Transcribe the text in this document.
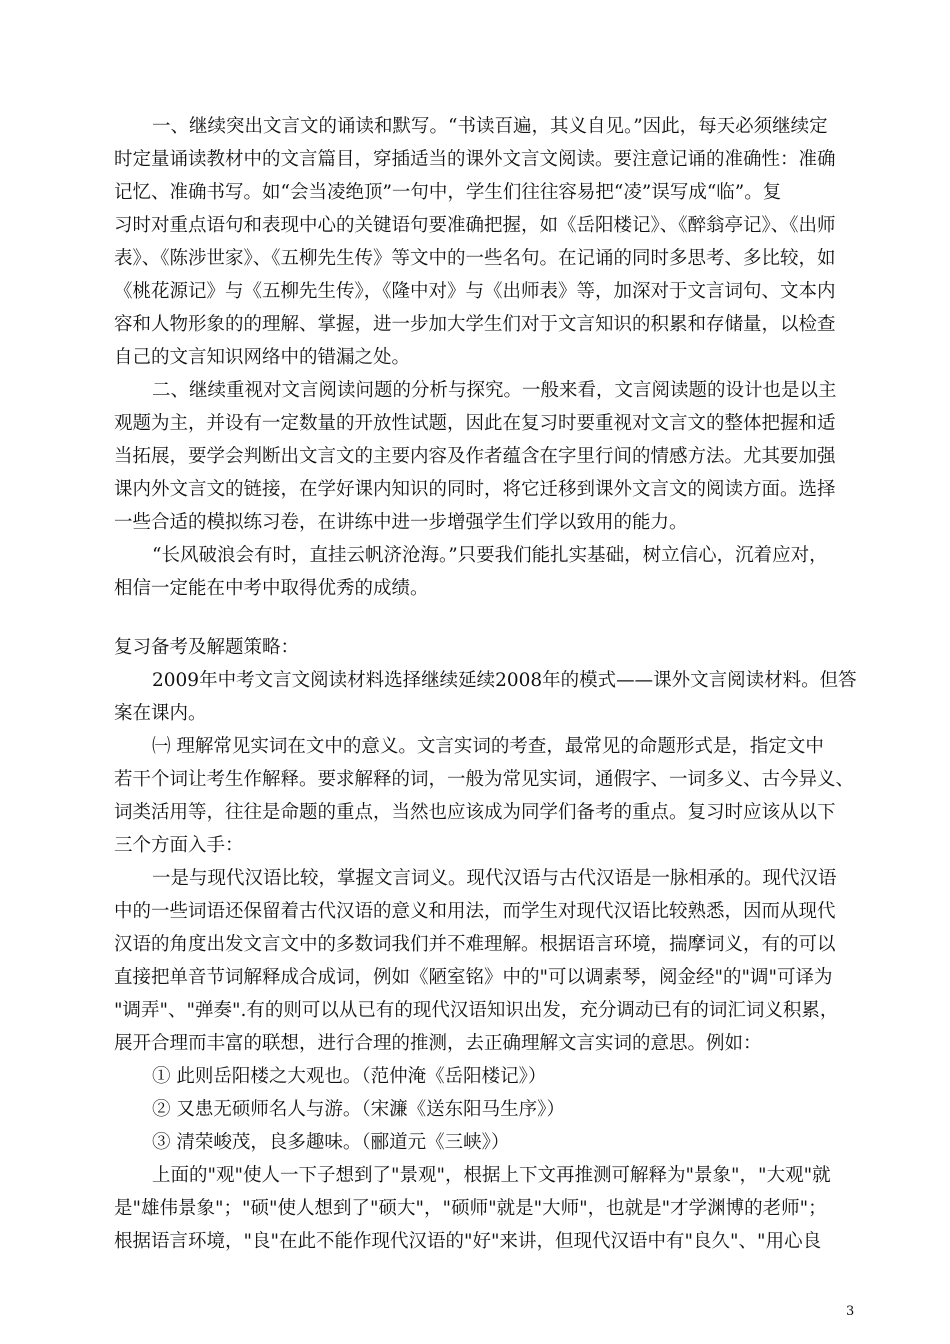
一、继续突出文言文的诵读和默写。“书读百遍，其义自见。”因此，每天必须继续定
时定量诵读教材中的文言篇目，穿插适当的课外文言文阅读。要注意记诵的准确性：准确
记忆、准确书写。如“会当凌绝顶”一句中，学生们往往容易把“凌”误写成“临”。复
习时对重点语句和表现中心的关键语句要准确把握，如《岳阳楼记》、《醉翁亭记》、《出师
表》、《陈涉世家》、《五柳先生传》等文中的一些名句。在记诵的同时多思考、多比较，如
《桃花源记》与《五柳先生传》，《隆中对》与《出师表》等，加深对于文言词句、文本内
容和人物形象的的理解、掌握，进一步加大学生们对于文言知识的积累和存储量，以检查
自己的文言知识网络中的错漏之处。
二、继续重视对文言阅读问题的分析与探究。一般来看，文言阅读题的设计也是以主
观题为主，并设有一定数量的开放性试题，因此在复习时要重视对文言文的整体把握和适
当拓展，要学会判断出文言文的主要内容及作者蕴含在字里行间的情感方法。尤其要加强
课内外文言文的链接，在学好课内知识的同时，将它迁移到课外文言文的阅读方面。选择
一些合适的模拟练习卷，在讲练中进一步增强学生们学以致用的能力。
“长风破浪会有时，直挂云帆济沧海。”只要我们能扎实基础，树立信心，沉着应对，
相信一定能在中考中取得优秀的成绩。
复习备考及解题策略：
2009年中考文言文阅读材料选择继续延续2008年的模式——课外文言阅读材料。但答
案在课内。
㈠ 理解常见实词在文中的意义。文言实词的考查，最常见的命题形式是，指定文中
若干个词让考生作解释。要求解释的词，一般为常见实词，通假字、一词多义、古今异义、
词类活用等，往往是命题的重点，当然也应该成为同学们备考的重点。复习时应该从以下
三个方面入手：
一是与现代汉语比较，掌握文言词义。现代汉语与古代汉语是一脉相承的。现代汉语
中的一些词语还保留着古代汉语的意义和用法，而学生对现代汉语比较熟悉，因而从现代
汉语的角度出发文言文中的多数词我们并不难理解。根据语言环境，揣摩词义，有的可以
直接把单音节词解释成合成词，例如《陋室铭》中的"可以调素琴，阅金经"的"调"可译为
"调弄"、"弹奏".有的则可以从已有的现代汉语知识出发，充分调动已有的词汇词义积累，
展开合理而丰富的联想，进行合理的推测，去正确理解文言实词的意思。例如：
① 此则岳阳楼之大观也。（范仲淹《岳阳楼记》）
② 又患无硕师名人与游。（宋濂《送东阳马生序》）
③ 清荣峻茂，良多趣味。（郦道元《三峡》）
上面的"观"使人一下子想到了"景观"，根据上下文再推测可解释为"景象"，"大观"就
是"雄伟景象"；"硕"使人想到了"硕大"，"硕师"就是"大师"，也就是"才学渊博的老师"；
根据语言环境，"良"在此不能作现代汉语的"好"来讲，但现代汉语中有"良久"、"用心良
3
